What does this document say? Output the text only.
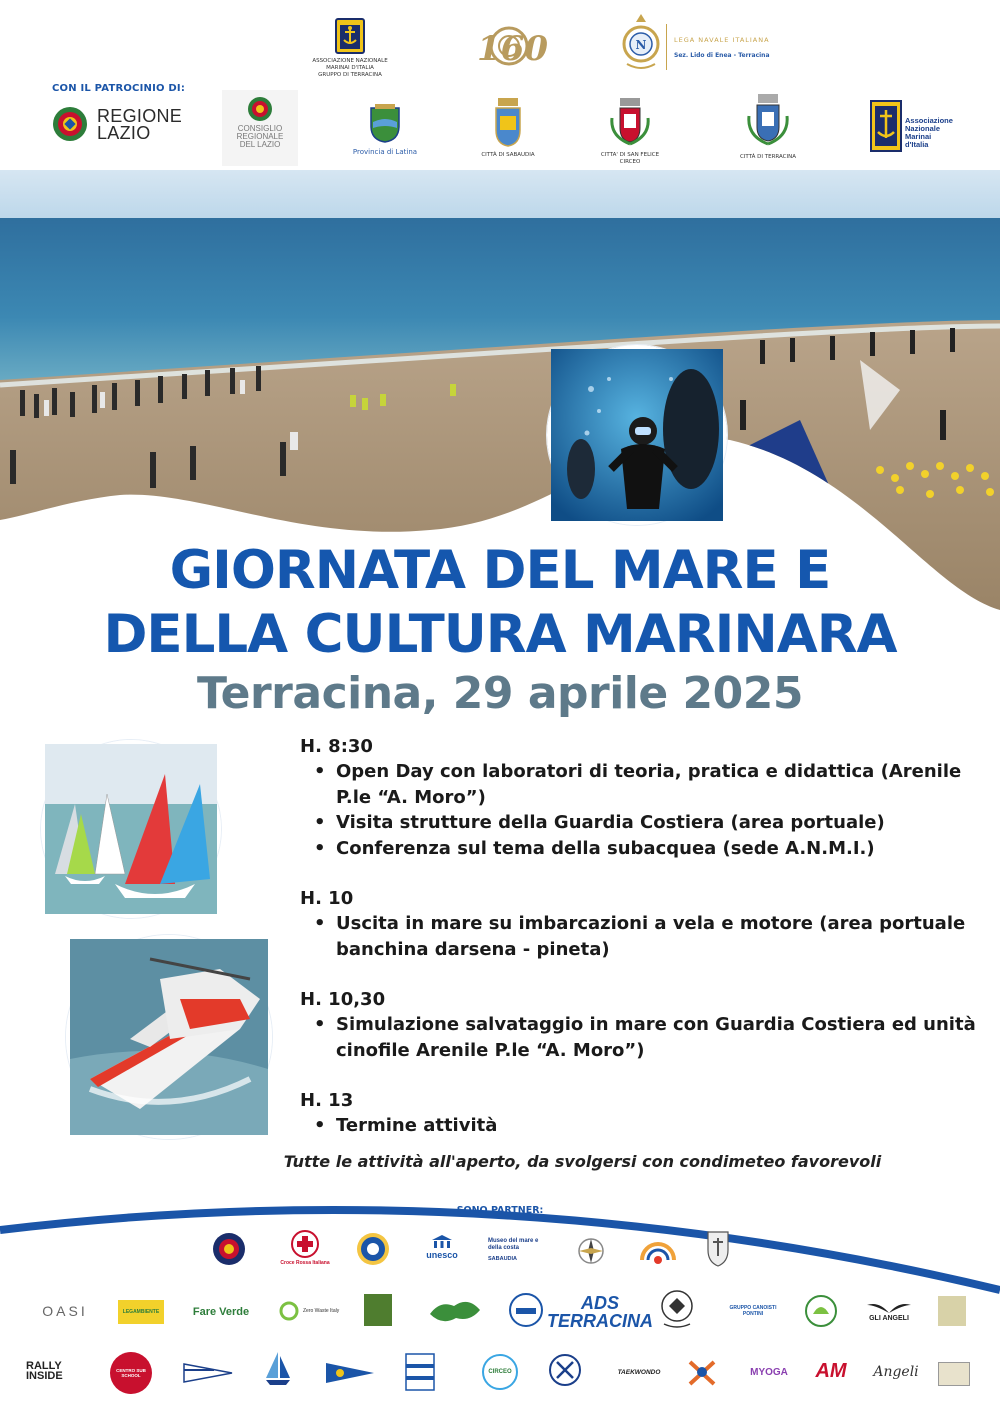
ASSOCIAZIONE NAZIONALE MARINAI D'ITALIA
GRUPPO DI TERRACINA
160	N	LEGA NAVALE ITALIANA
Sez. Lido di Enea - Terracina
CON IL PATROCINIO DI:
REGIONE
LAZIO	CONSIGLIO
REGIONALE
DEL LAZIO
Provincia di Latina	CITTÀ DI SABAUDIA	CITTA' DI SAN FELICE CIRCEO
CITTÀ DI TERRACINA
Associazione
Nazionale
Marinai
d'Italia
GIORNATA DEL MARE E
DELLA CULTURA MARINARA
Terracina, 29 aprile 2025
H. 8:30
• Open Day con laboratori di teoria, pratica e didattica (Arenile P.le “A. Moro”)
• Visita strutture della Guardia Costiera (area portuale)
• Conferenza sul tema della subacquea (sede A.N.M.I.)
H. 10
• Uscita in mare su imbarcazioni a vela e motore (area portuale banchina darsena - pineta)
H. 10,30
• Simulazione salvataggio in mare con Guardia Costiera ed unità cinofile Arenile P.le “A. Moro”)
H. 13
• Termine attività
Tutte le attività all'aperto, da svolgersi con condimeteo favorevoli
SONO PARTNER:
Croce Rossa Italiana
unesco
Museo del mare e della costa
SABAUDIA
OASI	LEGAMBIENTE	Fare Verde	Zero Waste Italy	ADS TERRACINA
GRUPPO CANOISTI PONTINI
GLI ANGELI
RALLY INSIDE	CENTRO SUB SCHOOL
CIRCEO	TAEKWONDO	MYOGA	AM Angeli
